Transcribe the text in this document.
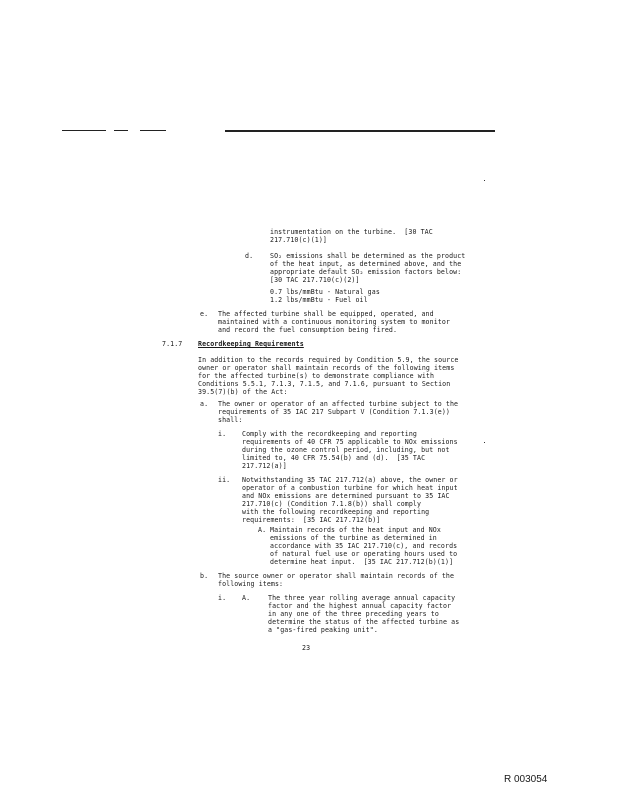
instrumentation on the turbine.  [30 TAC
217.710(c)(1)]
d.	SO₂ emissions shall be determined as the product
of the heat input, as determined above, and the
appropriate default SO₂ emission factors below:
[30 TAC 217.710(c)(2)]
0.7 lbs/mmBtu - Natural gas
1.2 lbs/mmBtu - Fuel oil
e. The affected turbine shall be equipped, operated, and
maintained with a continuous monitoring system to monitor
and record the fuel consumption being fired.
7.1.7 Recordkeeping Requirements
In addition to the records required by Condition 5.9, the source
owner or operator shall maintain records of the following items
for the affected turbine(s) to demonstrate compliance with
Conditions 5.5.1, 7.1.3, 7.1.5, and 7.1.6, pursuant to Section
39.5(7)(b) of the Act:
a. The owner or operator of an affected turbine subject to the
requirements of 35 IAC 217 Subpart V (Condition 7.1.3(e))
shall:
i. Comply with the recordkeeping and reporting
requirements of 40 CFR 75 applicable to NOx emissions
during the ozone control period, including, but not
limited to, 40 CFR 75.54(b) and (d).  [35 TAC
217.712(a)]
ii. Notwithstanding 35 TAC 217.712(a) above, the owner or
operator of a combustion turbine for which heat input
and NOx emissions are determined pursuant to 35 IAC
217.710(c) (Condition 7.1.8(b)) shall comply
with the following recordkeeping and reporting
requirements:  [35 IAC 217.712(b)]
A. Maintain records of the heat input and NOx
emissions of the turbine as determined in
accordance with 35 IAC 217.710(c), and records
of natural fuel use or operating hours used to
determine heat input.  [35 IAC 217.712(b)(1)]
b. The source owner or operator shall maintain records of the
following items:
i. A.	The three year rolling average annual capacity
factor and the highest annual capacity factor
in any one of the three preceding years to
determine the status of the affected turbine as
a "gas-fired peaking unit".
23
R 003054
